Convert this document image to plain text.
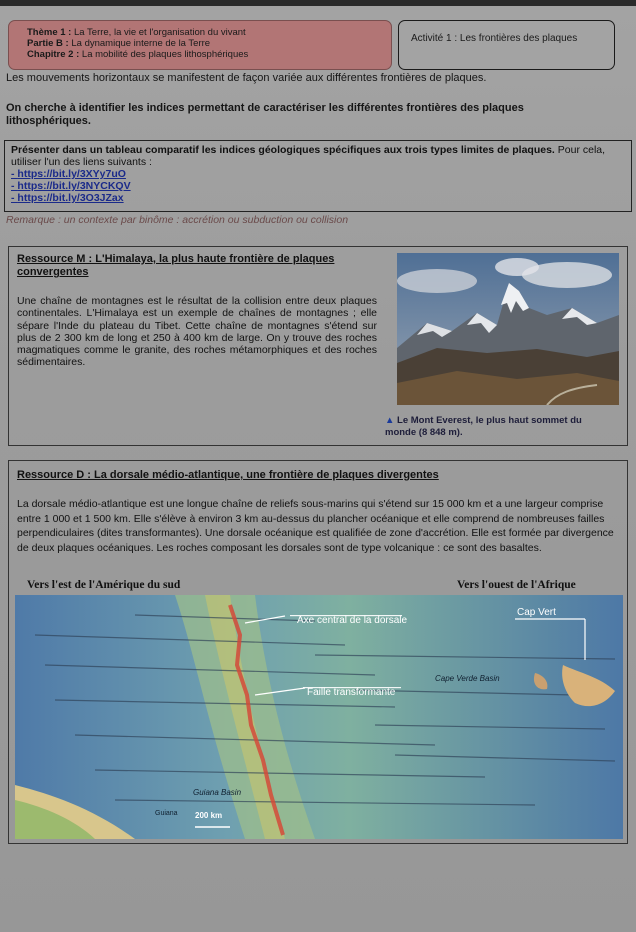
Thème 1 : La Terre, la vie et l'organisation du vivant
Partie B : La dynamique interne de la Terre
Chapitre 2 : La mobilité des plaques lithosphériques
Activité 1 : Les frontières des plaques
Les mouvements horizontaux se manifestent de façon variée aux différentes frontières de plaques.
On cherche à identifier les indices permettant de caractériser les différentes frontières des plaques lithosphériques.
Présenter dans un tableau comparatif les indices géologiques spécifiques aux trois types limites de plaques. Pour cela, utiliser l'un des liens suivants :
- https://bit.ly/3XYy7uO
- https://bit.ly/3NYCKQV
- https://bit.ly/3O3JZax
Remarque : un contexte par binôme : accrétion ou subduction ou collision
Ressource M : L'Himalaya, la plus haute frontière de plaques convergentes
Une chaîne de montagnes est le résultat de la collision entre deux plaques continentales. L'Himalaya est un exemple de chaînes de montagnes ; elle sépare l'Inde du plateau du Tibet. Cette chaîne de montagnes s'étend sur plus de 2 300 km de long et 250 à 400 km de large. On y trouve des roches magmatiques comme le granite, des roches métamorphiques et des roches sédimentaires.
▲ Le Mont Everest, le plus haut sommet du monde (8 848 m).
Ressource D : La dorsale médio-atlantique, une frontière de plaques divergentes
La dorsale médio-atlantique est une longue chaîne de reliefs sous-marins qui s'étend sur 15 000 km et a une largeur comprise entre 1 000 et 1 500 km. Elle s'élève à environ 3 km au-dessus du plancher océanique et elle comprend de nombreuses failles perpendiculaires (dites transformantes). Une dorsale océanique est qualifiée de zone d'accrétion. Elle est formée par divergence de deux plaques océaniques. Les roches composant les dorsales sont de type volcanique : ce sont des basaltes.
Vers l'est de l'Amérique du sud	Vers l'ouest de l'Afrique
Axe central de la dorsale
Faille transformante
Cap Vert
Cape Verde Basin
Guiana Basin
Guiana 200 km
